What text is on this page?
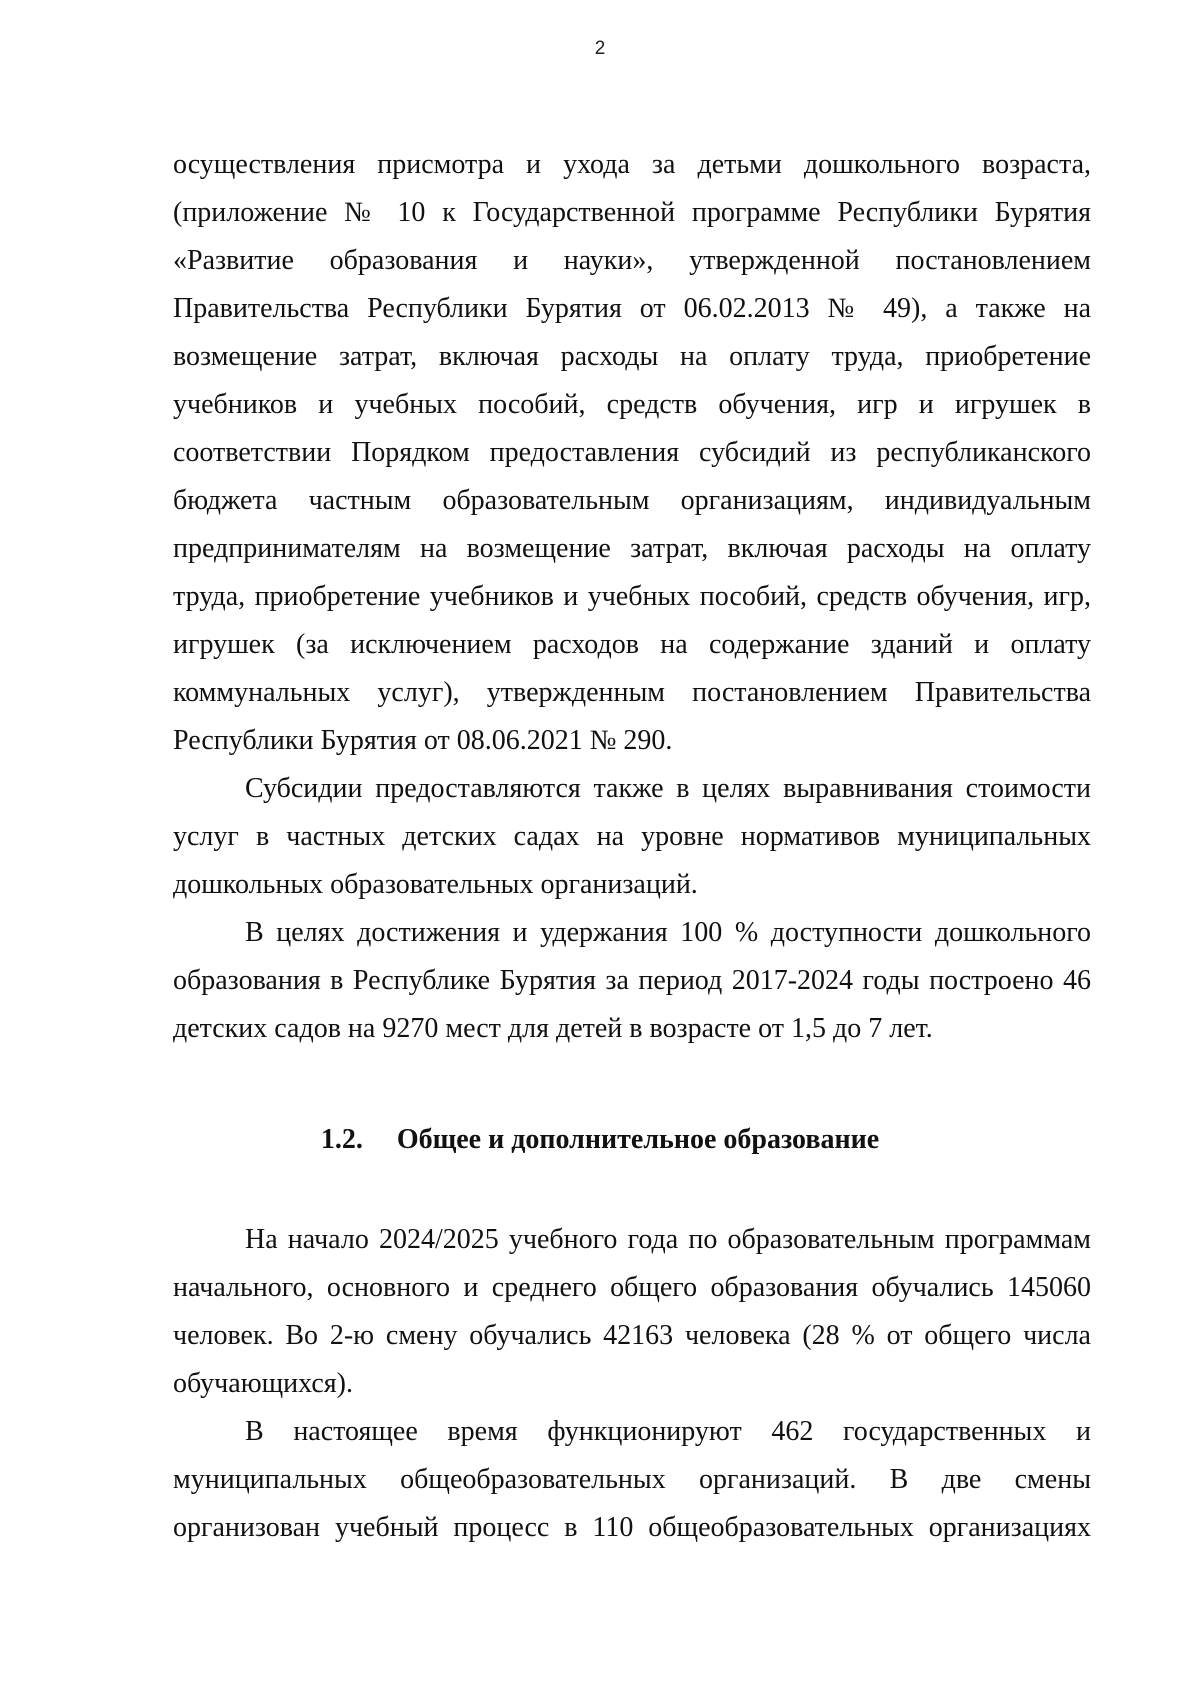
2
осуществления присмотра и ухода за детьми дошкольного возраста,
(приложение № 10 к Государственной программе Республики Бурятия
«Развитие образования и науки», утвержденной постановлением
Правительства Республики Бурятия от 06.02.2013 № 49), а также на
возмещение затрат, включая расходы на оплату труда, приобретение
учебников и учебных пособий, средств обучения, игр и игрушек в
соответствии Порядком предоставления субсидий из республиканского
бюджета частным образовательным организациям, индивидуальным
предпринимателям на возмещение затрат, включая расходы на оплату
труда, приобретение учебников и учебных пособий, средств обучения, игр,
игрушек (за исключением расходов на содержание зданий и оплату
коммунальных услуг), утвержденным постановлением Правительства
Республики Бурятия от 08.06.2021 № 290.
Субсидии предоставляются также в целях выравнивания стоимости
услуг в частных детских садах на уровне нормативов муниципальных
дошкольных образовательных организаций.
В целях достижения и удержания 100 % доступности дошкольного
образования в Республике Бурятия за период 2017-2024 годы построено 46
детских садов на 9270 мест для детей в возрасте от 1,5 до 7 лет.
1.2. Общее и дополнительное образование
На начало 2024/2025 учебного года по образовательным программам
начального, основного и среднего общего образования обучались 145060
человек. Во 2-ю смену обучались 42163 человека (28 % от общего числа
обучающихся).
В настоящее время функционируют 462 государственных и
муниципальных общеобразовательных организаций. В две смены
организован учебный процесс в 110 общеобразовательных организациях
